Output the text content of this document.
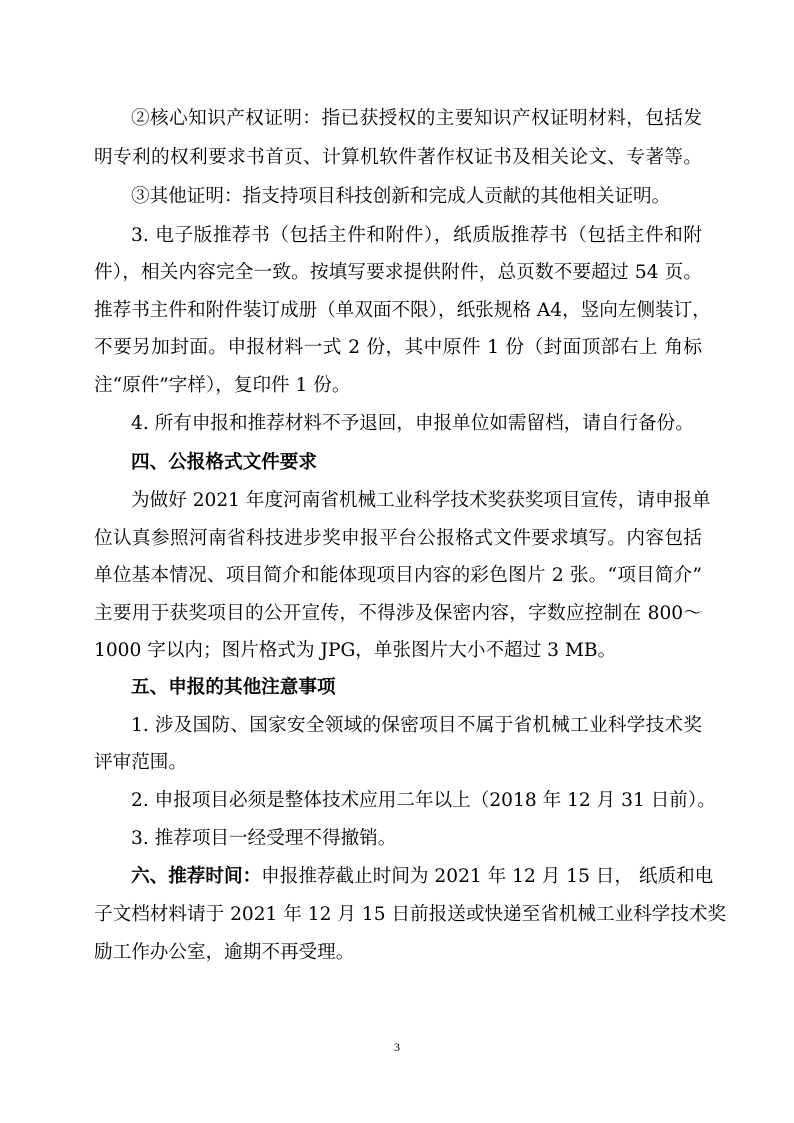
②核心知识产权证明：指已获授权的主要知识产权证明材料，包括发
明专利的权利要求书首页、计算机软件著作权证书及相关论文、专著等。
③其他证明：指支持项目科技创新和完成人贡献的其他相关证明。
3. 电子版推荐书（包括主件和附件），纸质版推荐书（包括主件和附
件），相关内容完全一致。按填写要求提供附件，总页数不要超过 54 页。
推荐书主件和附件装订成册（单双面不限），纸张规格 A4，竖向左侧装订，
不要另加封面。申报材料一式 2 份，其中原件 1 份（封面顶部右上 角标
注“原件”字样），复印件 1 份。
4. 所有申报和推荐材料不予退回，申报单位如需留档，请自行备份。
四、公报格式文件要求
为做好 2021 年度河南省机械工业科学技术奖获奖项目宣传，请申报单
位认真参照河南省科技进步奖申报平台公报格式文件要求填写。内容包括
单位基本情况、项目简介和能体现项目内容的彩色图片 2 张。“项目简介”
主要用于获奖项目的公开宣传，不得涉及保密内容，字数应控制在 800～
1000 字以内；图片格式为 JPG，单张图片大小不超过 3 MB。
五、申报的其他注意事项
1. 涉及国防、国家安全领域的保密项目不属于省机械工业科学技术奖
评审范围。
2. 申报项目必须是整体技术应用二年以上（2018 年 12 月 31 日前）。
3. 推荐项目一经受理不得撤销。
六、推荐时间：申报推荐截止时间为 2021 年 12 月 15 日， 纸质和电
子文档材料请于 2021 年 12 月 15 日前报送或快递至省机械工业科学技术奖
励工作办公室，逾期不再受理。
3
